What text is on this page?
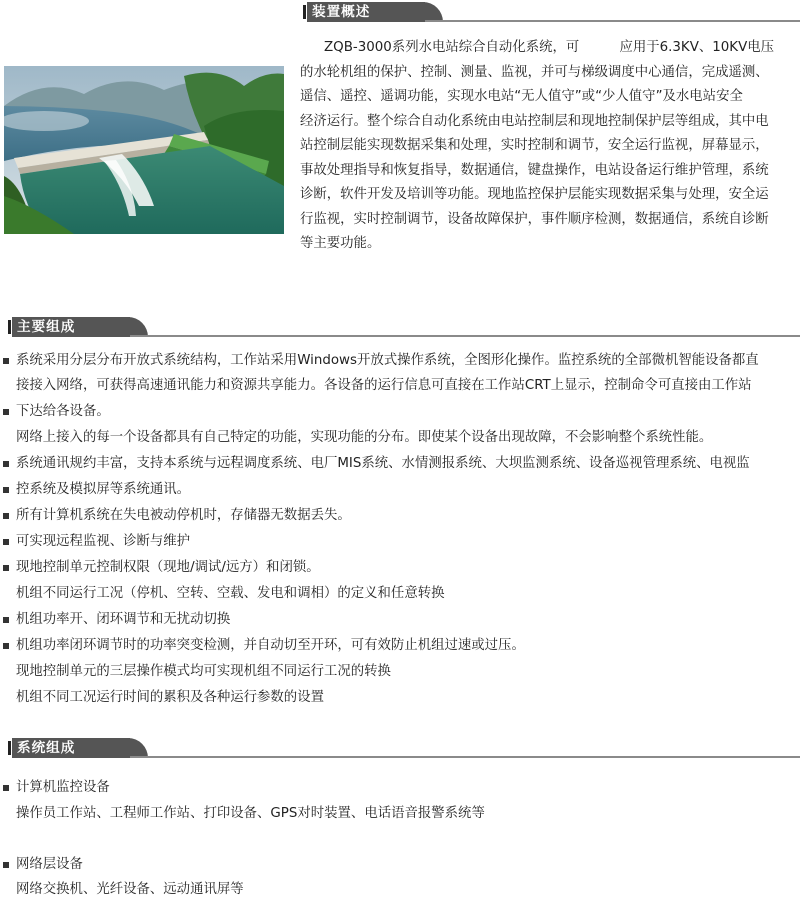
装置概述
ZQB-3000系列水电站综合自动化系统，可　　　应用于6.3KV、10KV电压
的水轮机组的保护、控制、测量、监视，并可与梯级调度中心通信，完成遥测、
遥信、遥控、遥调功能，实现水电站“无人值守”或“少人值守”及水电站安全
经济运行。整个综合自动化系统由电站控制层和现地控制保护层等组成，其中电
站控制层能实现数据采集和处理，实时控制和调节，安全运行监视，屏幕显示，
事故处理指导和恢复指导，数据通信，键盘操作，电站设备运行维护管理，系统
诊断，软件开发及培训等功能。现地监控保护层能实现数据采集与处理，安全运
行监视，实时控制调节，设备故障保护，事件顺序检测，数据通信，系统自诊断
等主要功能。
主要组成
系统采用分层分布开放式系统结构，工作站采用Windows开放式操作系统，全图形化操作。监控系统的全部微机智能设备都直
接接入网络，可获得高速通讯能力和资源共享能力。各设备的运行信息可直接在工作站CRT上显示，控制命令可直接由工作站
下达给各设备。
网络上接入的每一个设备都具有自己特定的功能，实现功能的分布。即使某个设备出现故障，不会影响整个系统性能。
系统通讯规约丰富，支持本系统与远程调度系统、电厂MIS系统、水情测报系统、大坝监测系统、设备巡视管理系统、电视监
控系统及模拟屏等系统通讯。
所有计算机系统在失电被动停机时，存储器无数据丢失。
可实现远程监视、诊断与维护
现地控制单元控制权限（现地/调试/远方）和闭锁。
机组不同运行工况（停机、空转、空载、发电和调相）的定义和任意转换
机组功率开、闭环调节和无扰动切换
机组功率闭环调节时的功率突变检测，并自动切至开环，可有效防止机组过速或过压。
现地控制单元的三层操作模式均可实现机组不同运行工况的转换
机组不同工况运行时间的累积及各种运行参数的设置
系统组成
计算机监控设备
操作员工作站、工程师工作站、打印设备、GPS对时装置、电话语音报警系统等
网络层设备
网络交换机、光纤设备、远动通讯屏等
